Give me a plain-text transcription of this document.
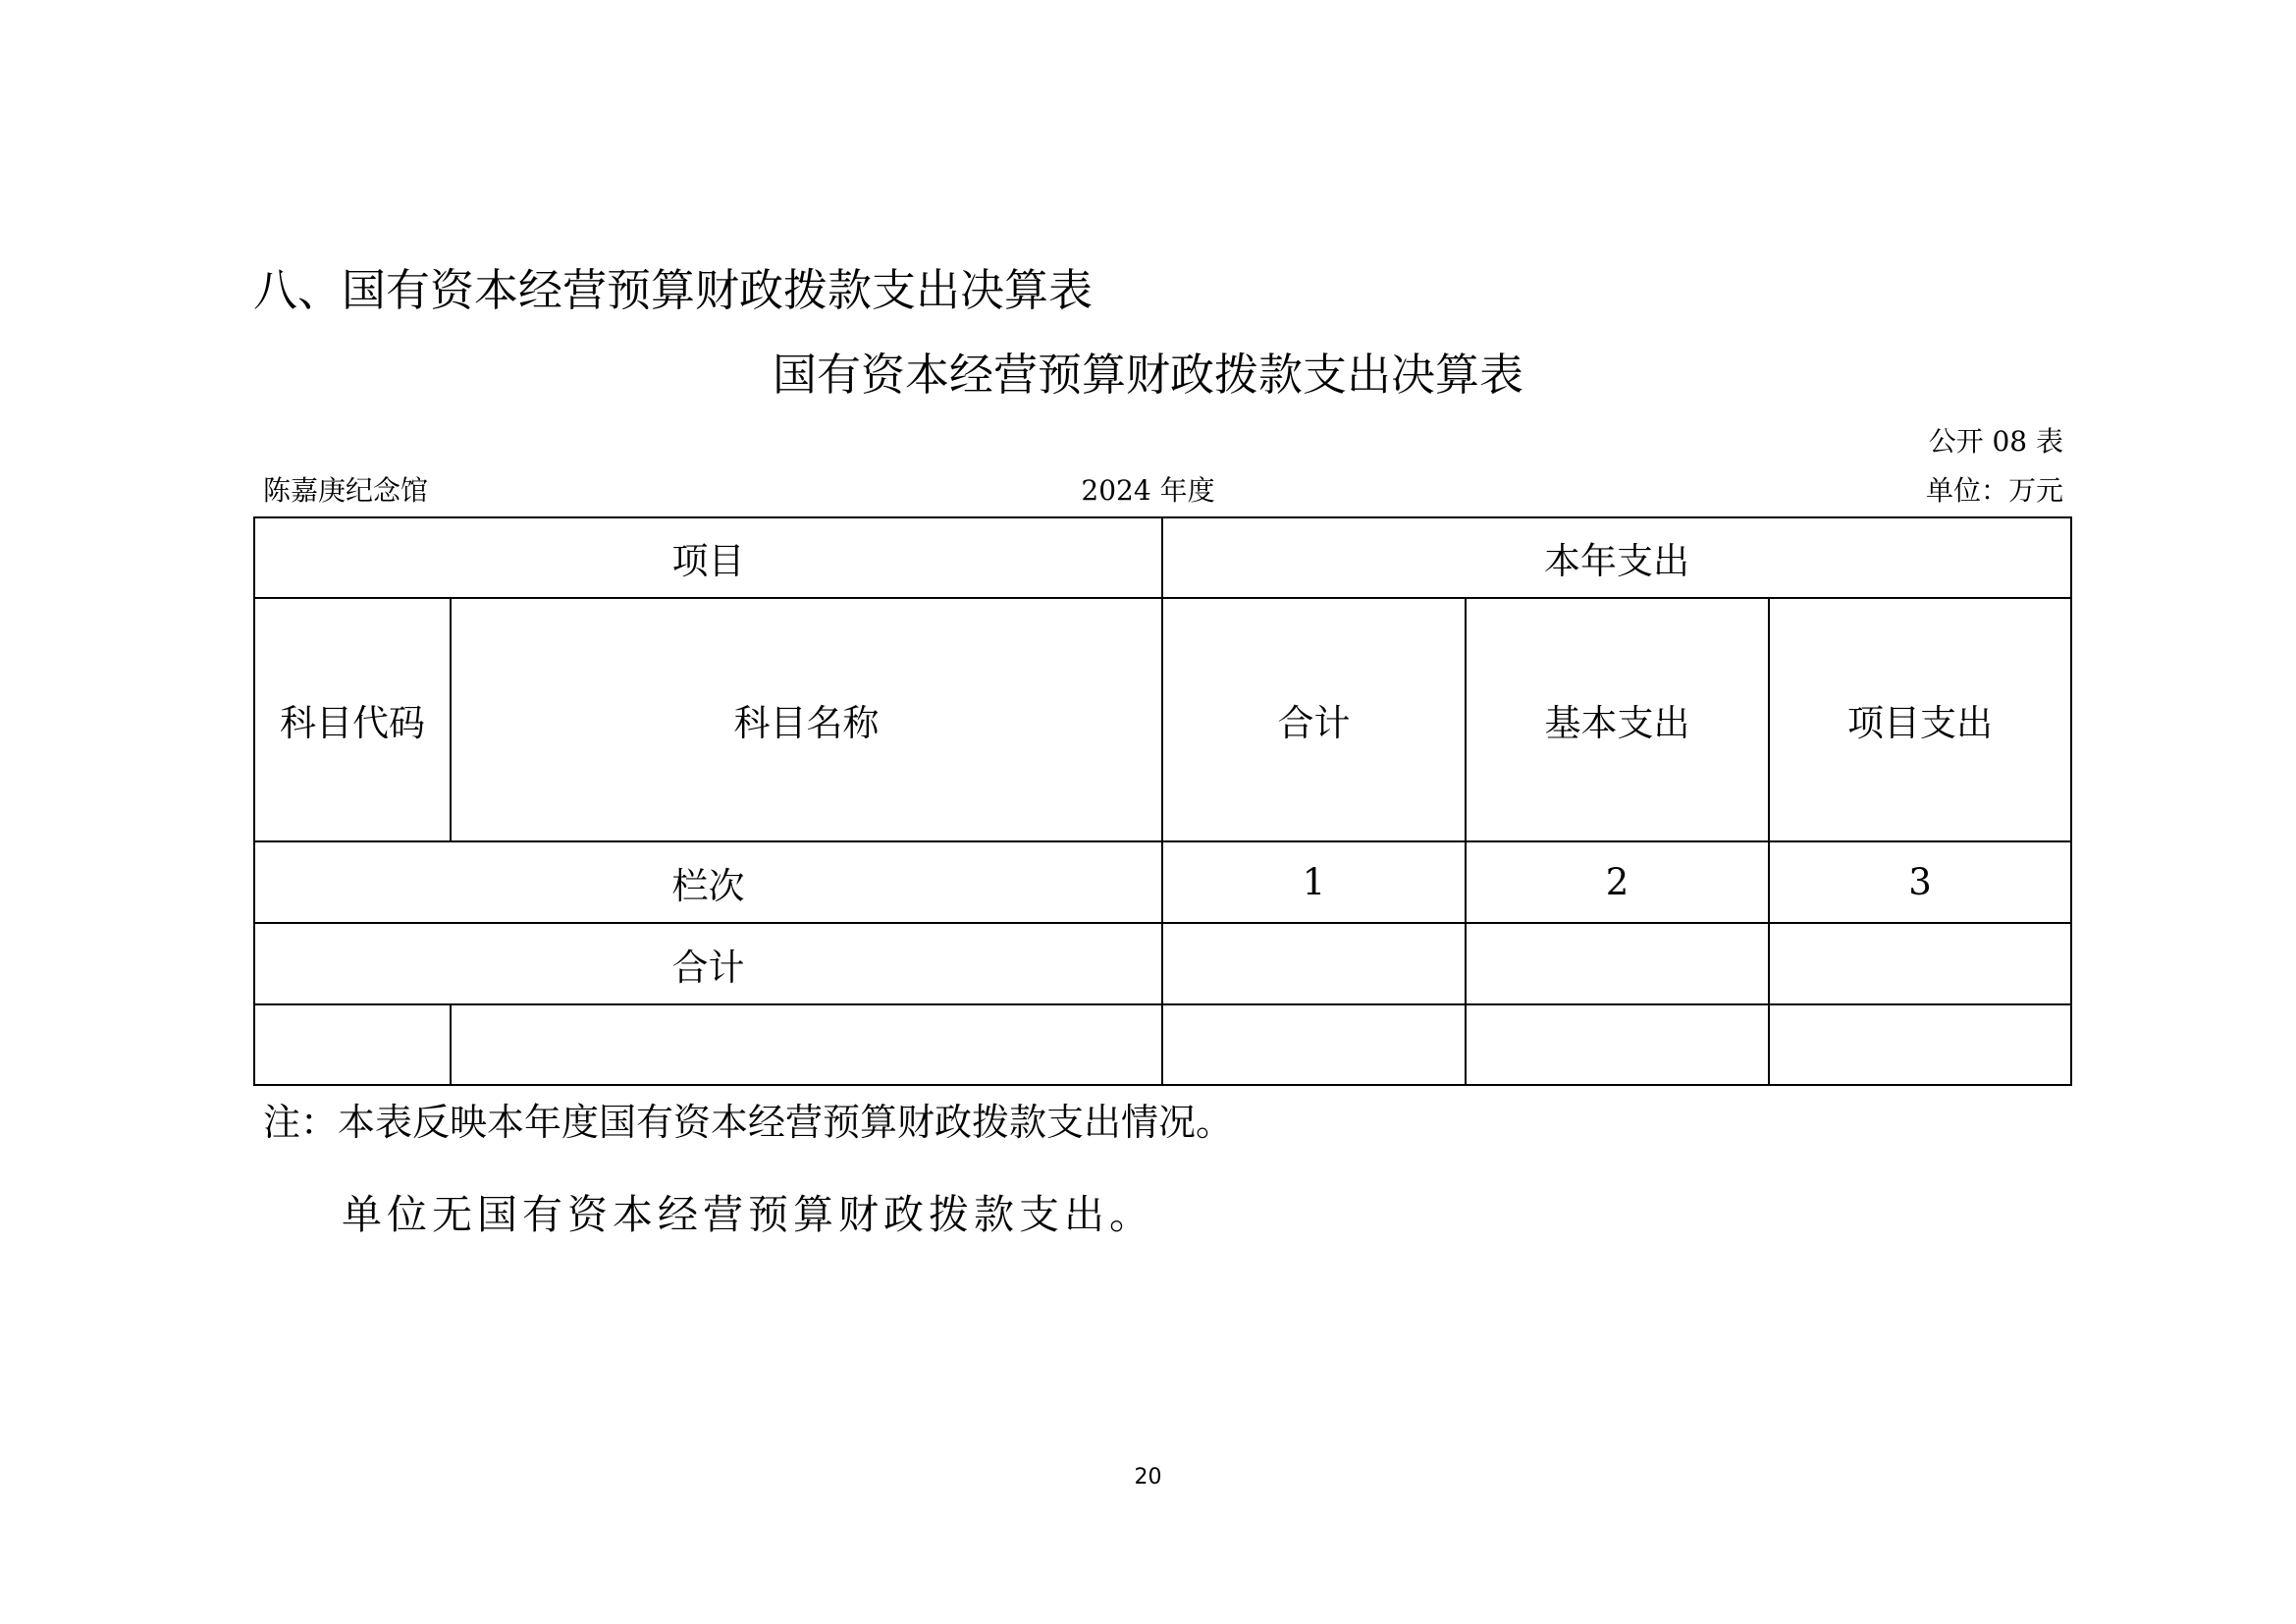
八、国有资本经营预算财政拨款支出决算表
国有资本经营预算财政拨款支出决算表
公开 08 表
陈嘉庚纪念馆	2024 年度	单位：万元
项目		本年支出		
科目代码	科目名称	合计	基本支出	项目支出
栏次		1	2	3
合计				

注：本表反映本年度国有资本经营预算财政拨款支出情况。
单位无国有资本经营预算财政拨款支出。
20
